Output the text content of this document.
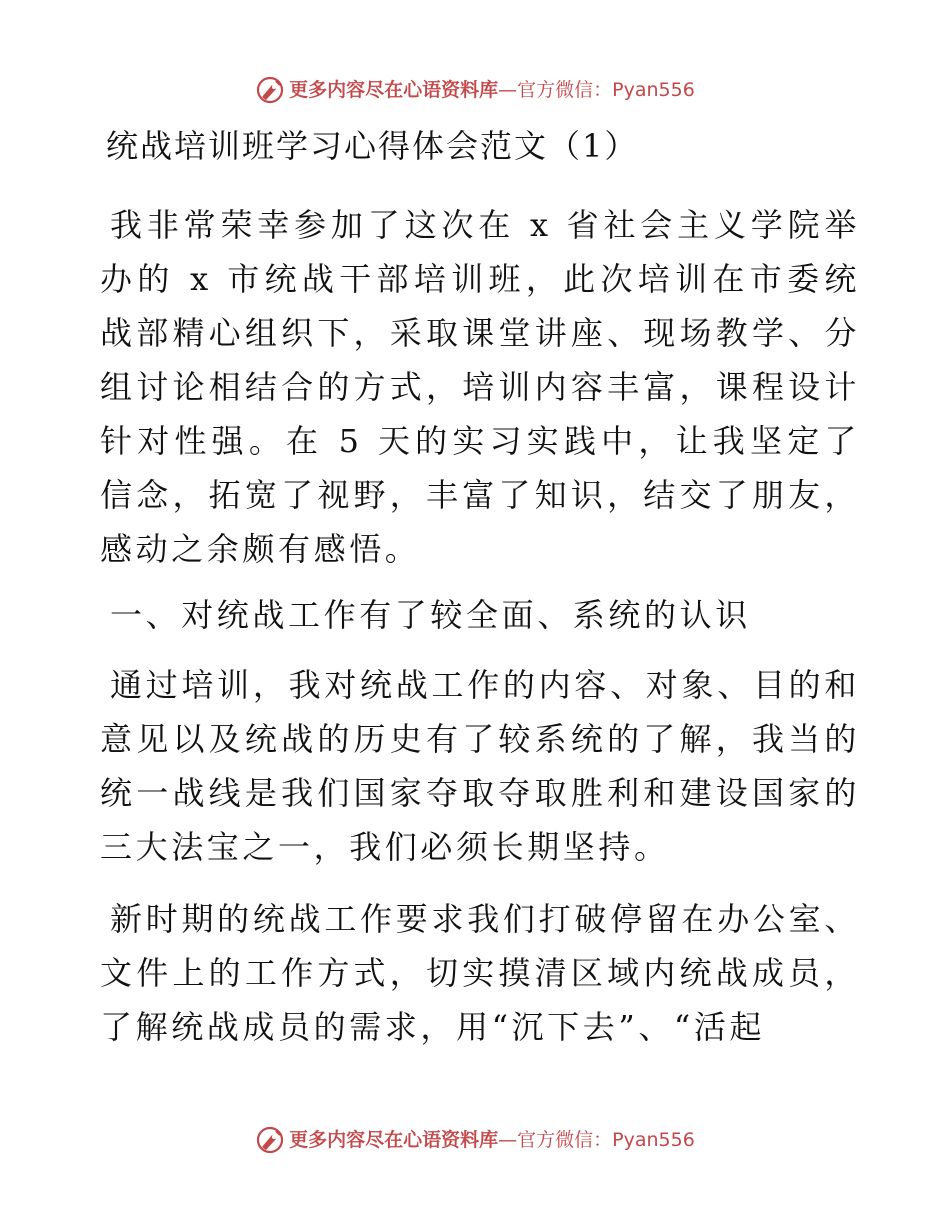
更多内容尽在心语资料库 — 官方微信：Pyan556
统战培训班学习心得体会范文（1）

我非常荣幸参加了这次在 x 省社会主义学院举办的 x 市统战干部培训班，此次培训在市委统战部精心组织下，采取课堂讲座、现场教学、分组讨论相结合的方式，培训内容丰富，课程设计针对性强。在 5 天的实习实践中，让我坚定了信念，拓宽了视野，丰富了知识，结交了朋友，感动之余颇有感悟。

一、对统战工作有了较全面、系统的认识

通过培训，我对统战工作的内容、对象、目的和意见以及统战的历史有了较系统的了解，我当的统一战线是我们国家夺取夺取胜利和建设国家的三大法宝之一，我们必须长期坚持。

新时期的统战工作要求我们打破停留在办公室、文件上的工作方式，切实摸清区域内统战成员，了解统战成员的需求，用“沉下去”、“活起

更多内容尽在心语资料库 — 官方微信：Pyan556
